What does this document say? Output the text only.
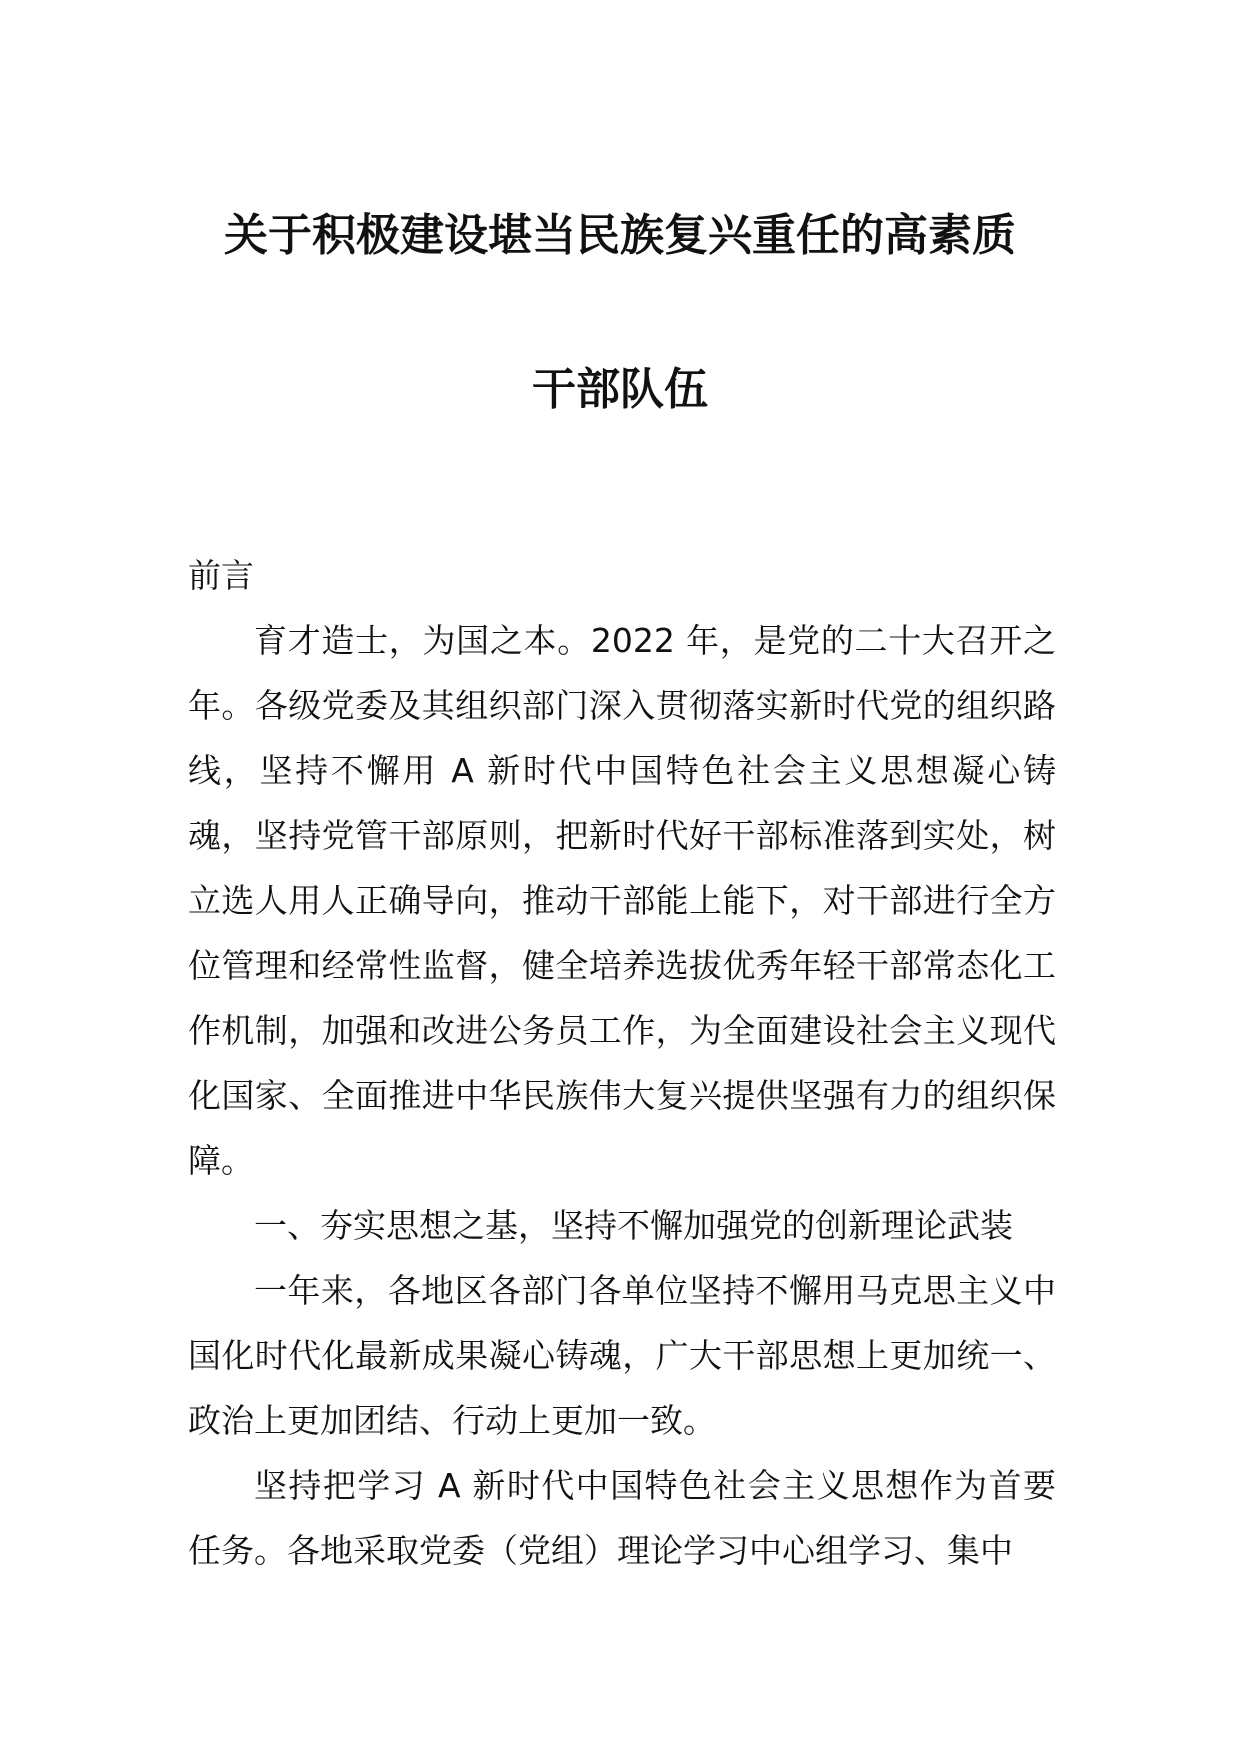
关于积极建设堪当民族复兴重任的高素质
干部队伍

前言

育才造士，为国之本。2022 年，是党的二十大召开之年。各级党委及其组织部门深入贯彻落实新时代党的组织路线，坚持不懈用 A 新时代中国特色社会主义思想凝心铸魂，坚持党管干部原则，把新时代好干部标准落到实处，树立选人用人正确导向，推动干部能上能下，对干部进行全方位管理和经常性监督，健全培养选拔优秀年轻干部常态化工作机制，加强和改进公务员工作，为全面建设社会主义现代化国家、全面推进中华民族伟大复兴提供坚强有力的组织保障。

一、夯实思想之基，坚持不懈加强党的创新理论武装

一年来，各地区各部门各单位坚持不懈用马克思主义中国化时代化最新成果凝心铸魂，广大干部思想上更加统一、政治上更加团结、行动上更加一致。

坚持把学习 A 新时代中国特色社会主义思想作为首要任务。各地采取党委（党组）理论学习中心组学习、集中
